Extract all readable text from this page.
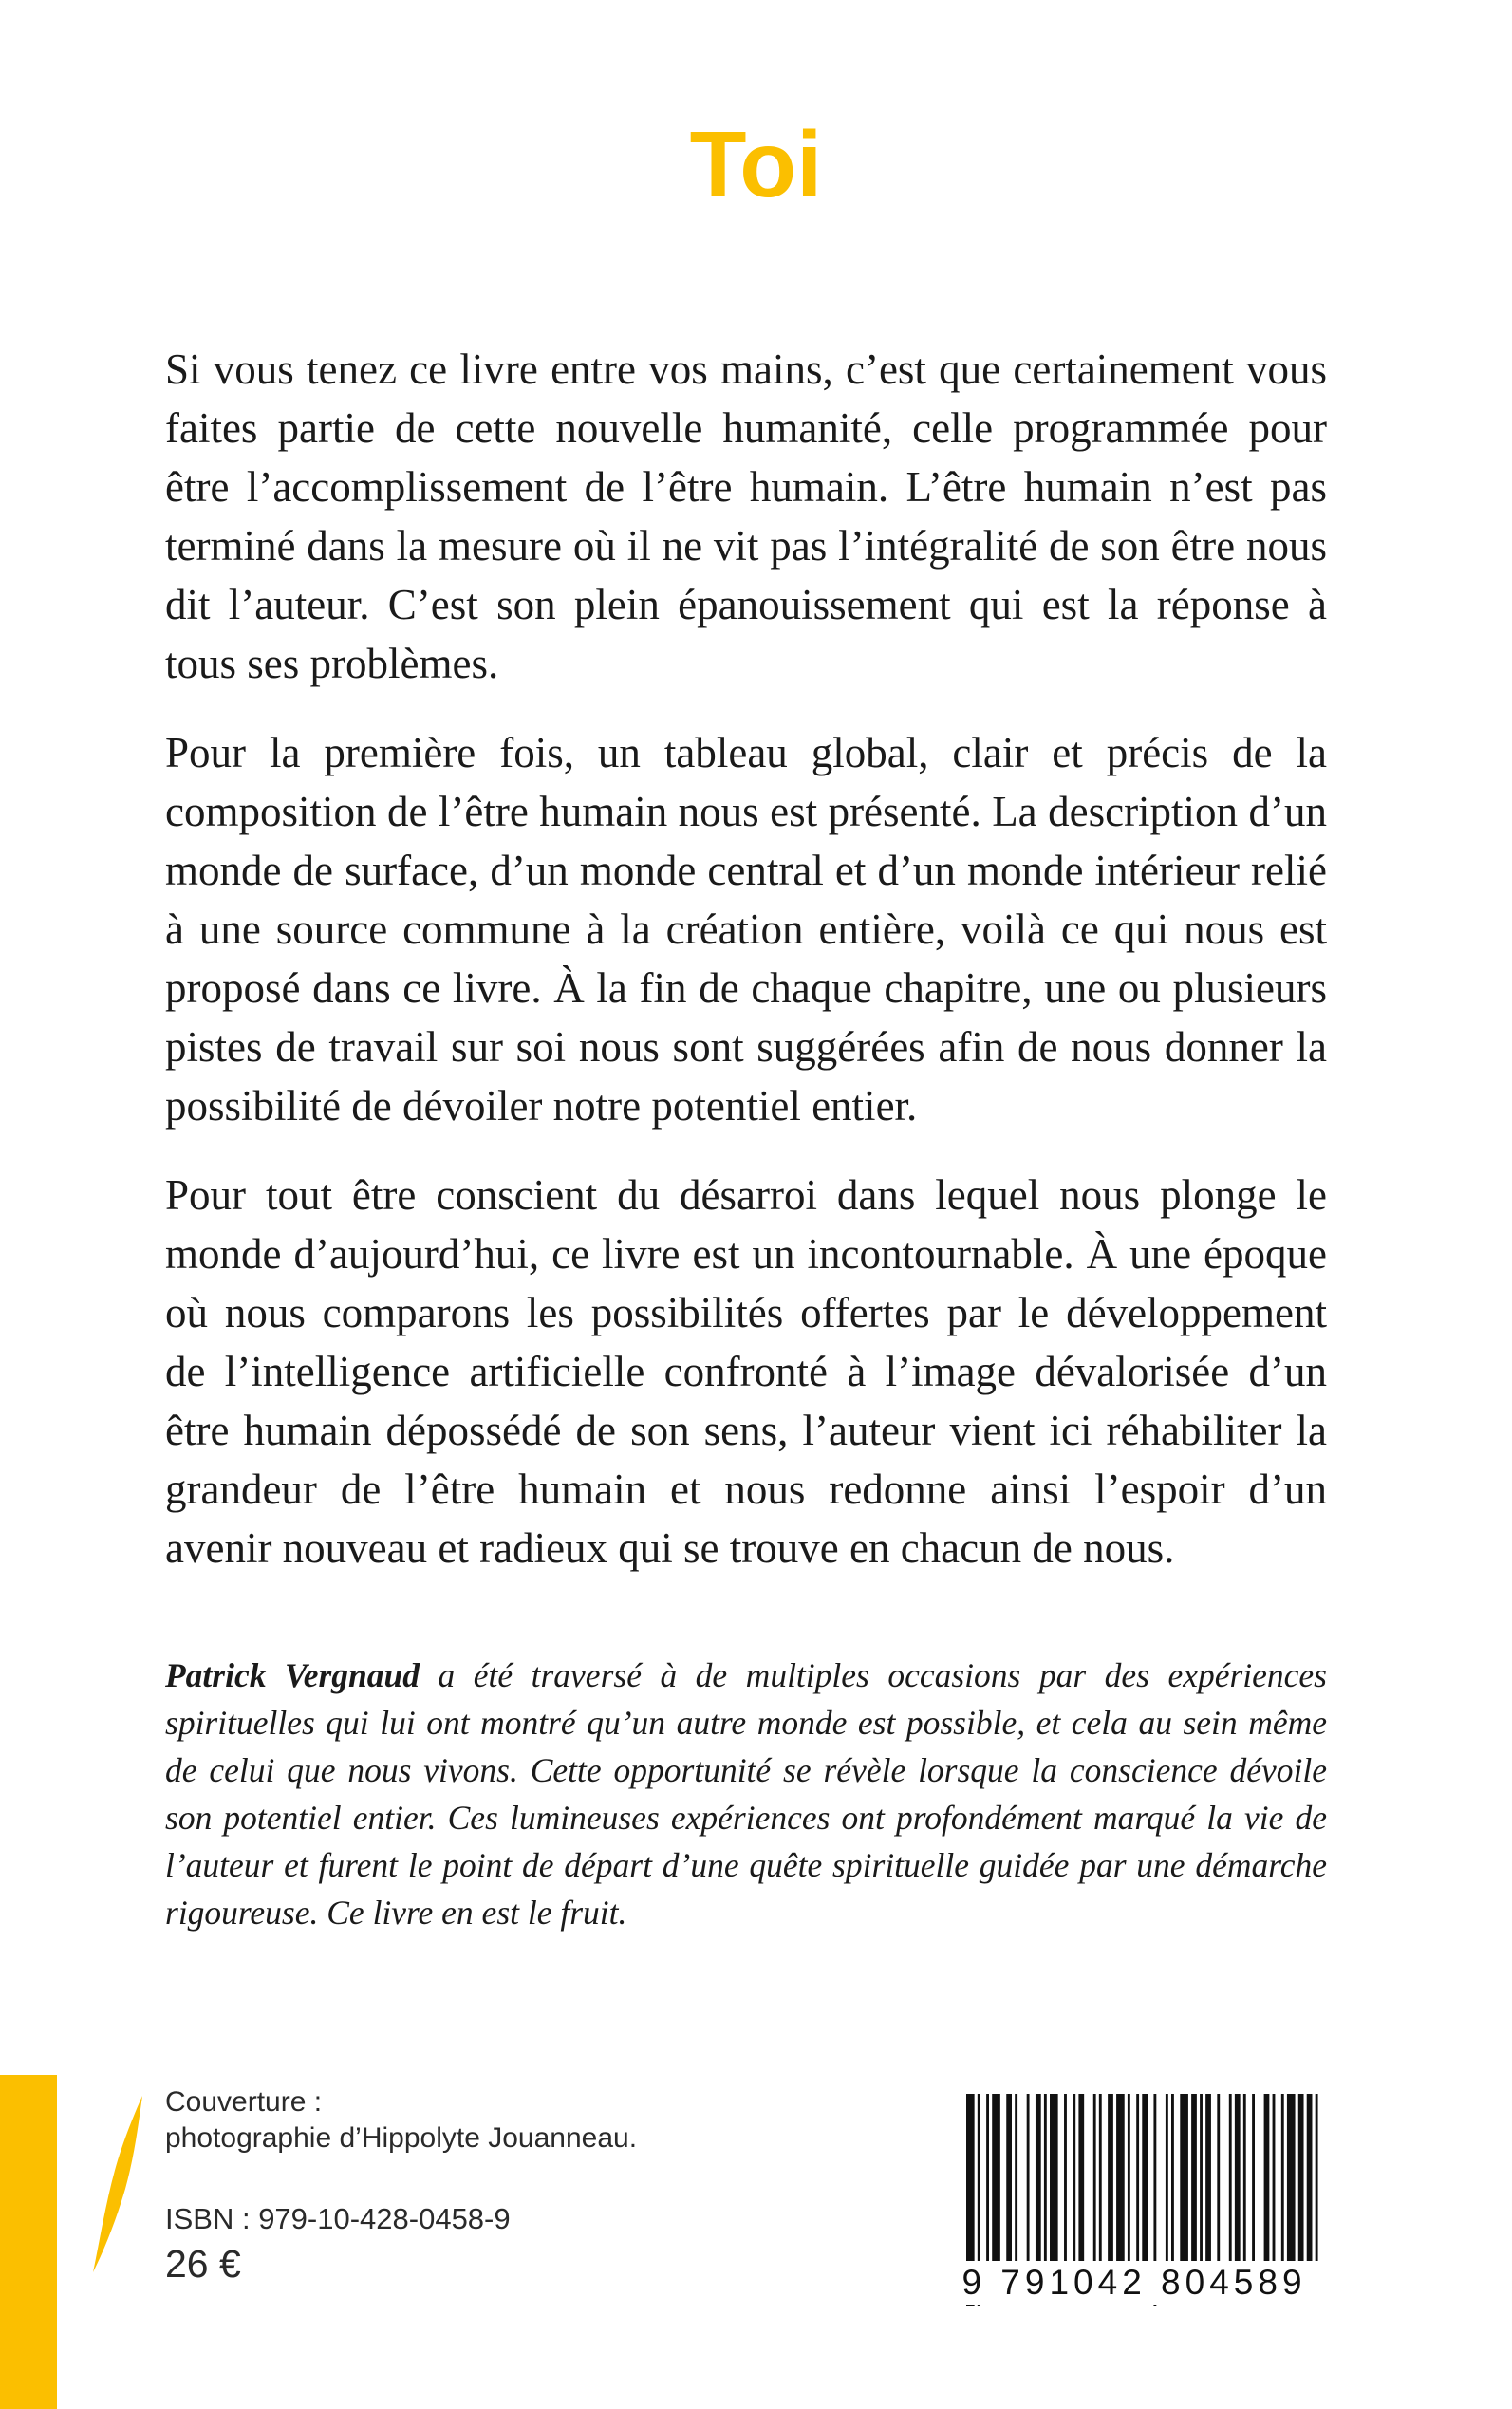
Toi

Si vous tenez ce livre entre vos mains, c’est que certainement vous faites partie de cette nouvelle humanité, celle programmée pour être l’accomplissement de l’être humain. L’être humain n’est pas terminé dans la mesure où il ne vit pas l’intégralité de son être nous dit l’auteur. C’est son plein épanouissement qui est la réponse à tous ses problèmes.

Pour la première fois, un tableau global, clair et précis de la composition de l’être humain nous est présenté. La description d’un monde de surface, d’un monde central et d’un monde intérieur relié à une source commune à la création entière, voilà ce qui nous est proposé dans ce livre. À la fin de chaque chapitre, une ou plusieurs pistes de travail sur soi nous sont suggérées afin de nous donner la possibilité de dévoiler notre potentiel entier.

Pour tout être conscient du désarroi dans lequel nous plonge le monde d’aujourd’hui, ce livre est un incontournable. À une époque où nous comparons les possibilités offertes par le développement de l’intelligence artificielle confronté à l’image dévalorisée d’un être humain dépossédé de son sens, l’auteur vient ici réhabiliter la grandeur de l’être humain et nous redonne ainsi l’espoir d’un avenir nouveau et radieux qui se trouve en chacun de nous.

Patrick Vergnaud a été traversé à de multiples occasions par des expériences spirituelles qui lui ont montré qu’un autre monde est possible, et cela au sein même de celui que nous vivons. Cette opportunité se révèle lorsque la conscience dévoile son potentiel entier. Ces lumineuses expériences ont profondément marqué la vie de l’auteur et furent le point de départ d’une quête spirituelle guidée par une démarche rigoureuse. Ce livre en est le fruit.

Couverture :
photographie d’Hippolyte Jouanneau.
ISBN : 979-10-428-0458-9
26 €	9 791042 804589
